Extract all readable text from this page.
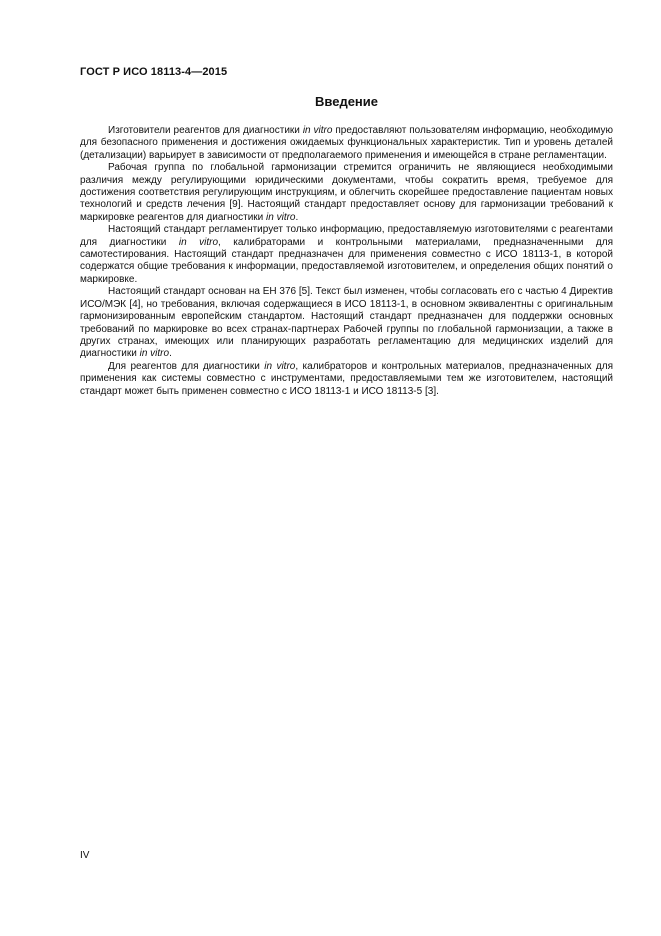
ГОСТ Р ИСО 18113-4—2015
Введение

Изготовители реагентов для диагностики in vitro предоставляют пользователям информацию, необходимую для безопасного применения и достижения ожидаемых функциональных характеристик. Тип и уровень деталей (детализации) варьирует в зависимости от предполагаемого применения и имеющейся в стране регламентации.

Рабочая группа по глобальной гармонизации стремится ограничить не являющиеся необходимыми различия между регулирующими юридическими документами, чтобы сократить время, требуемое для достижения соответствия регулирующим инструкциям, и облегчить скорейшее предоставление пациентам новых технологий и средств лечения [9]. Настоящий стандарт предоставляет основу для гармонизации требований к маркировке реагентов для диагностики in vitro.

Настоящий стандарт регламентирует только информацию, предоставляемую изготовителями с реагентами для диагностики in vitro, калибраторами и контрольными материалами, предназначенными для самотестирования. Настоящий стандарт предназначен для применения совместно с ИСО 18113-1, в которой содержатся общие требования к информации, предоставляемой изготовителем, и определения общих понятий о маркировке.

Настоящий стандарт основан на ЕН 376 [5]. Текст был изменен, чтобы согласовать его с частью 4 Директив ИСО/МЭК [4], но требования, включая содержащиеся в ИСО 18113-1, в основном эквивалентны с оригинальным гармонизированным европейским стандартом. Настоящий стандарт предназначен для поддержки основных требований по маркировке во всех странах-партнерах Рабочей группы по глобальной гармонизации, а также в других странах, имеющих или планирующих разработать регламентацию для медицинских изделий для диагностики in vitro.

Для реагентов для диагностики in vitro, калибраторов и контрольных материалов, предназначенных для применения как системы совместно с инструментами, предоставляемыми тем же изготовителем, настоящий стандарт может быть применен совместно с ИСО 18113-1 и ИСО 18113-5 [3].

IV
